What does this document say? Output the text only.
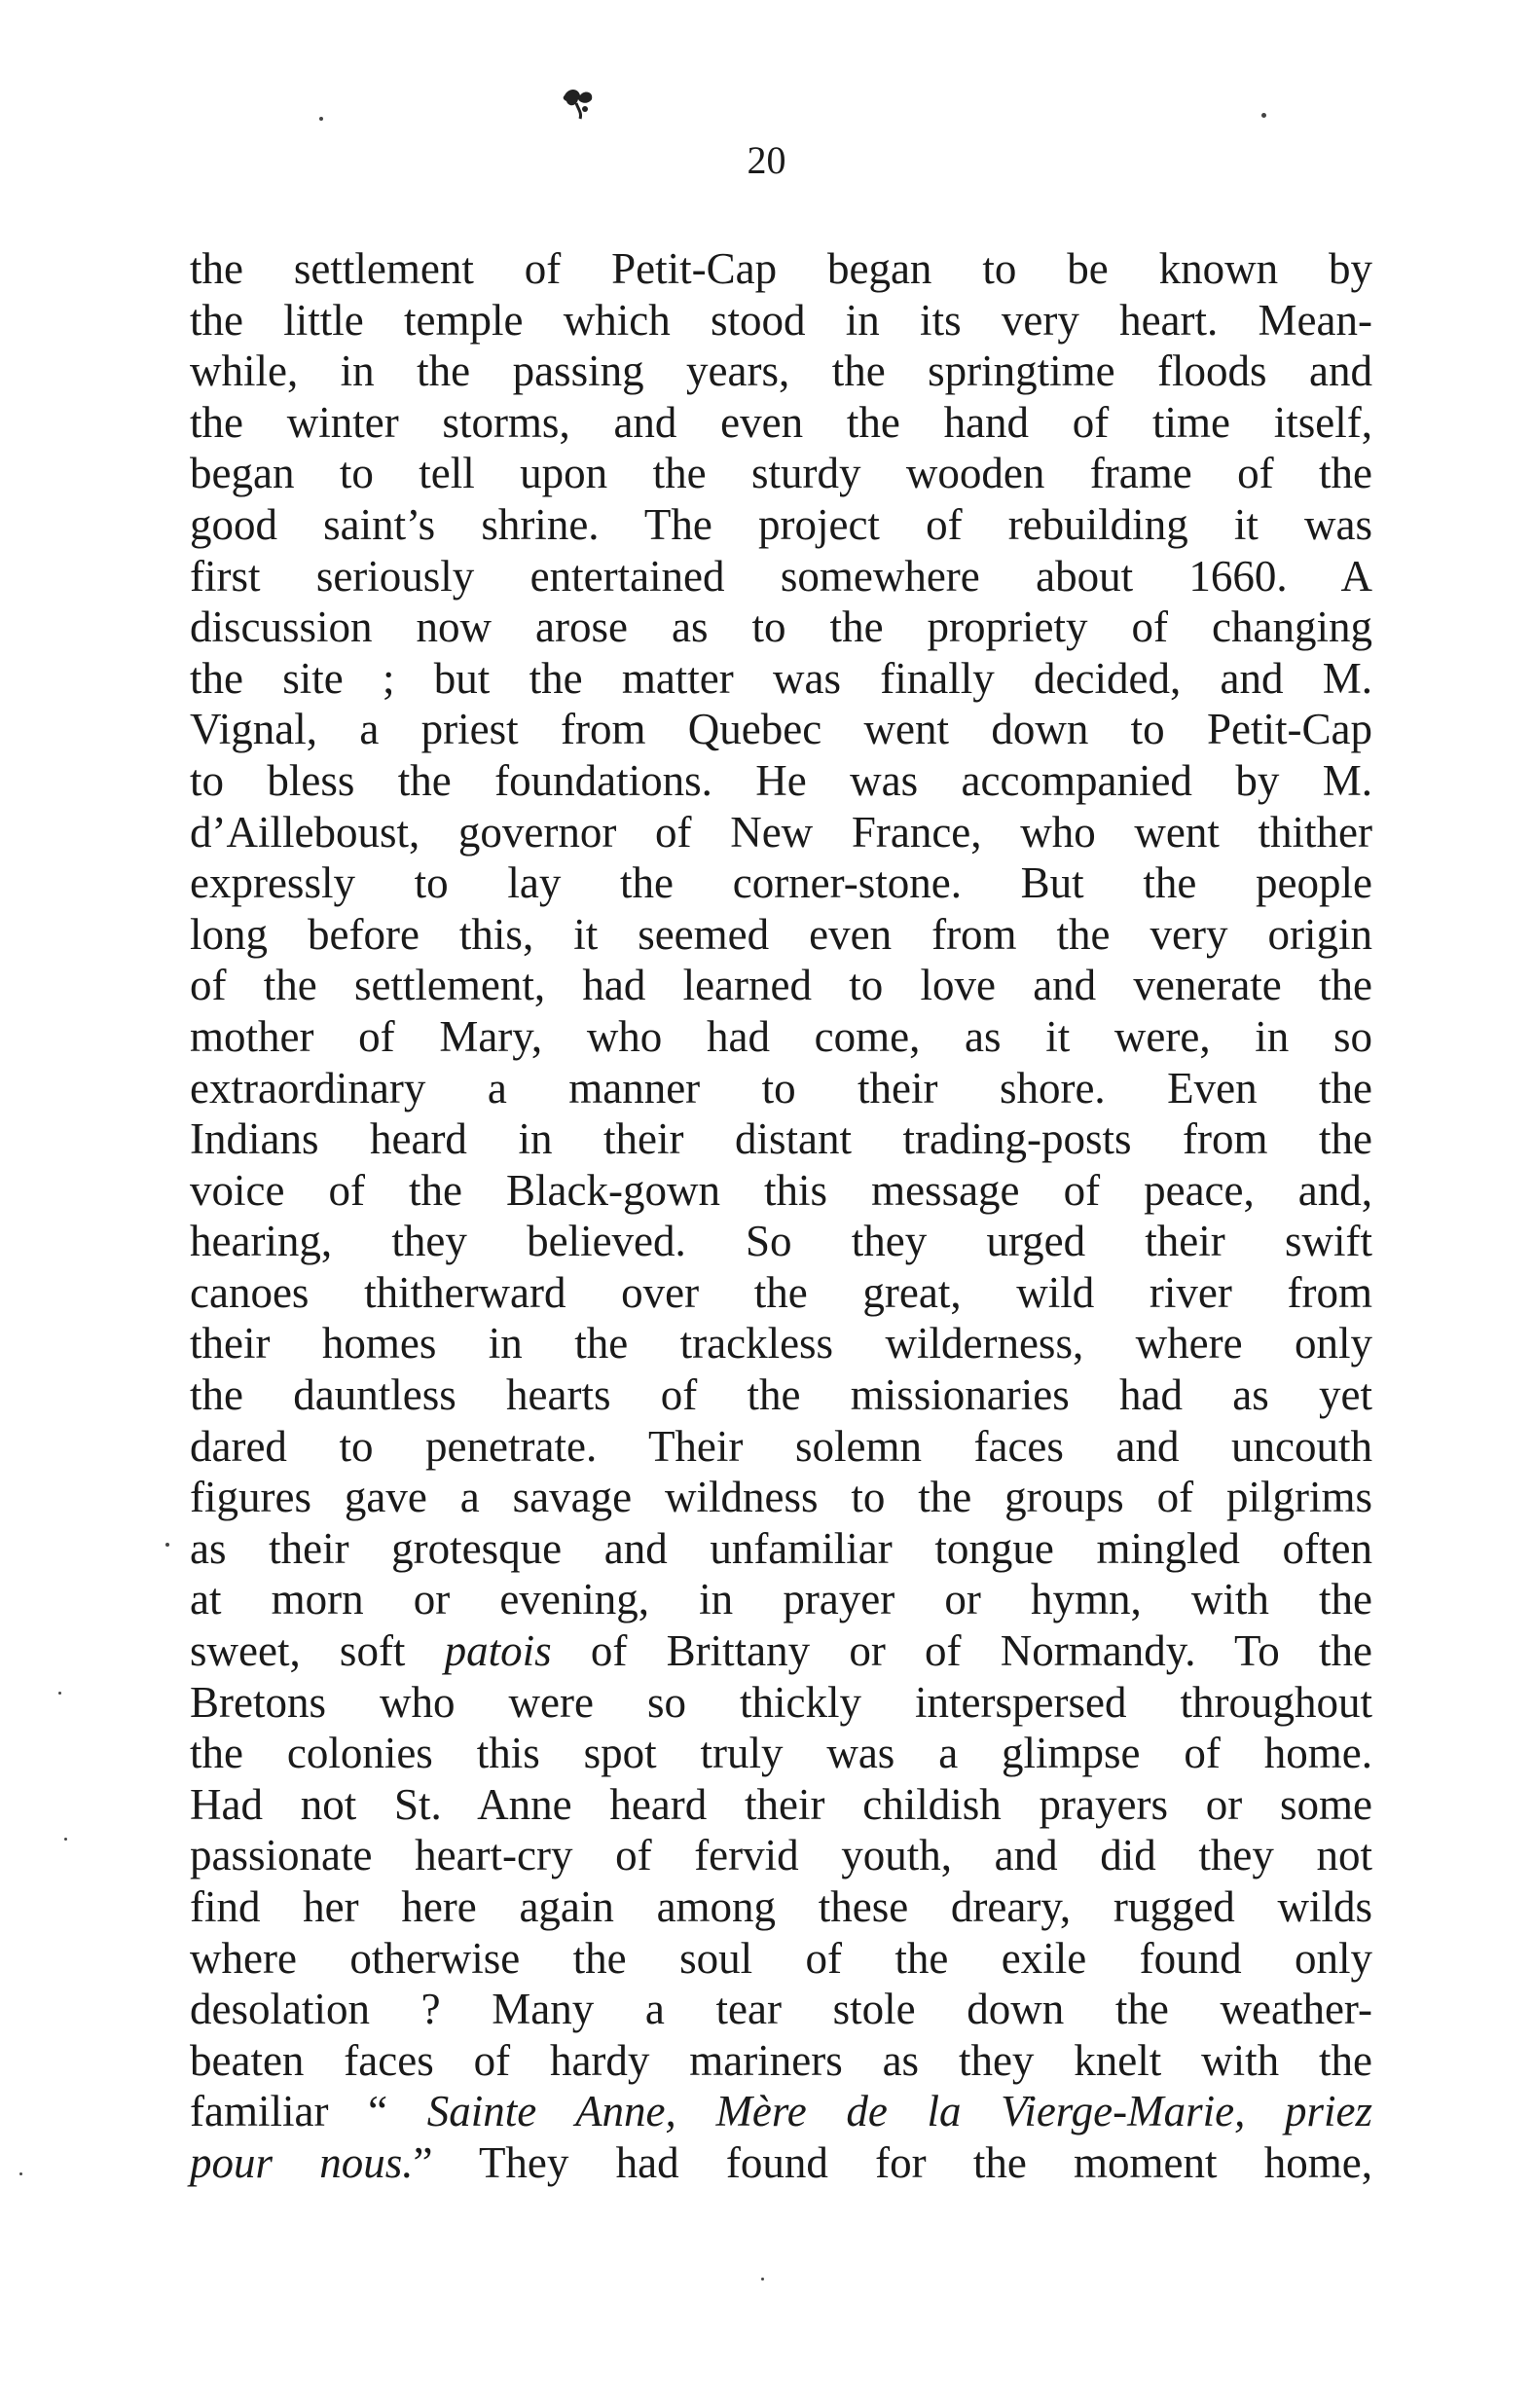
20
the settlement of Petit-Cap began to be known by
the little temple which stood in its very heart. Mean-
while, in the passing years, the springtime floods and
the winter storms, and even the hand of time itself,
began to tell upon the sturdy wooden frame of the
good saint’s shrine. The project of rebuilding it was
first seriously entertained somewhere about 1660. A
discussion now arose as to the propriety of changing
the site ; but the matter was finally decided, and M.
Vignal, a priest from Quebec went down to Petit-Cap
to bless the foundations. He was accompanied by M.
d’Ailleboust, governor of New France, who went thither
expressly to lay the corner-stone. But the people
long before this, it seemed even from the very origin
of the settlement, had learned to love and venerate the
mother of Mary, who had come, as it were, in so
extraordinary a manner to their shore. Even the
Indians heard in their distant trading-posts from the
voice of the Black-gown this message of peace, and,
hearing, they believed. So they urged their swift
canoes thitherward over the great, wild river from
their homes in the trackless wilderness, where only
the dauntless hearts of the missionaries had as yet
dared to penetrate. Their solemn faces and uncouth
figures gave a savage wildness to the groups of pilgrims
as their grotesque and unfamiliar tongue mingled often
at morn or evening, in prayer or hymn, with the
sweet, soft patois of Brittany or of Normandy. To the
Bretons who were so thickly interspersed throughout
the colonies this spot truly was a glimpse of home.
Had not St. Anne heard their childish prayers or some
passionate heart-cry of fervid youth, and did they not
find her here again among these dreary, rugged wilds
where otherwise the soul of the exile found only
desolation ? Many a tear stole down the weather-
beaten faces of hardy mariners as they knelt with the
familiar “ Sainte Anne, Mère de la Vierge-Marie, priez
pour nous.” They had found for the moment home,
